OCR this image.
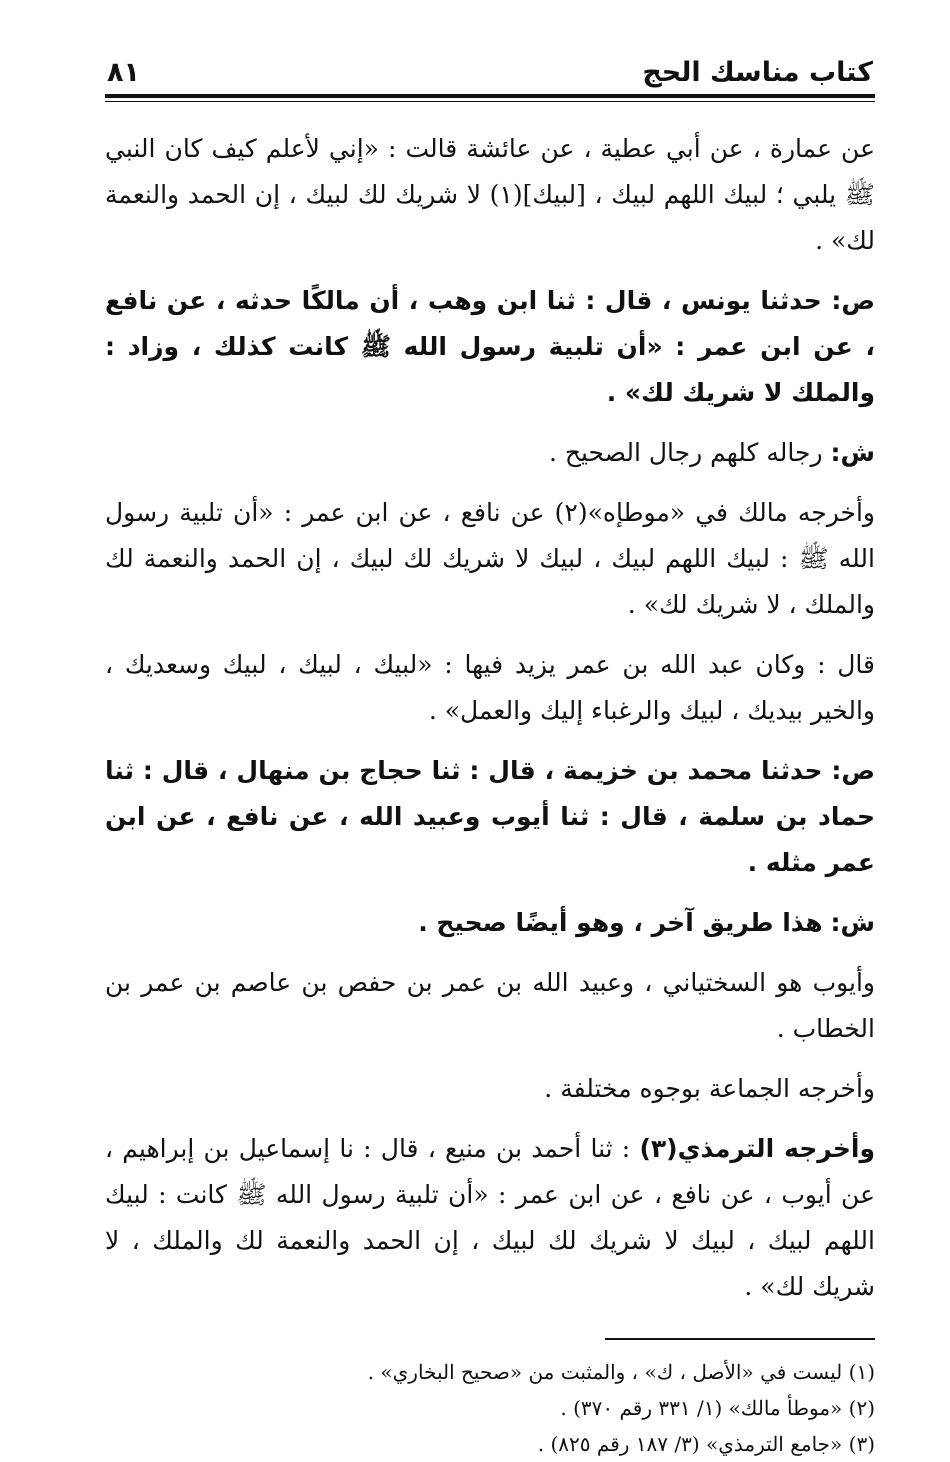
كتاب مناسك الحج
٨١

عن عمارة ، عن أبي عطية ، عن عائشة قالت : «إني لأعلم كيف كان النبي ﷺ يلبي ؛ لبيك اللهم لبيك ، [لبيك](١) لا شريك لك لبيك ، إن الحمد والنعمة لك» .

ص: حدثنا يونس ، قال : ثنا ابن وهب ، أن مالكًا حدثه ، عن نافع ، عن ابن عمر : «أن تلبية رسول الله ﷺ كانت كذلك ، وزاد : والملك لا شريك لك» .

ش: رجاله كلهم رجال الصحيح .

وأخرجه مالك في «موطإه»(٢) عن نافع ، عن ابن عمر : «أن تلبية رسول الله ﷺ : لبيك اللهم لبيك ، لبيك لا شريك لك لبيك ، إن الحمد والنعمة لك والملك ، لا شريك لك» .

قال : وكان عبد الله بن عمر يزيد فيها : «لبيك ، لبيك ، لبيك وسعديك ، والخير بيديك ، لبيك والرغباء إليك والعمل» .

ص: حدثنا محمد بن خزيمة ، قال : ثنا حجاج بن منهال ، قال : ثنا حماد بن سلمة ، قال : ثنا أيوب وعبيد الله ، عن نافع ، عن ابن عمر مثله .

ش: هذا طريق آخر ، وهو أيضًا صحيح .

وأيوب هو السختياني ، وعبيد الله بن عمر بن حفص بن عاصم بن عمر بن الخطاب .

وأخرجه الجماعة بوجوه مختلفة .

وأخرجه الترمذي(٣) : ثنا أحمد بن منيع ، قال : نا إسماعيل بن إبراهيم ، عن أيوب ، عن نافع ، عن ابن عمر : «أن تلبية رسول الله ﷺ كانت : لبيك اللهم لبيك ، لبيك لا شريك لك لبيك ، إن الحمد والنعمة لك والملك ، لا شريك لك» .

(١) ليست في «الأصل ، ك» ، والمثبت من «صحيح البخاري» .

(٢) «موطأ مالك» (١/ ٣٣١ رقم ٣٧٠) .

(٣) «جامع الترمذي» (٣/ ١٨٧ رقم ٨٢٥) .
